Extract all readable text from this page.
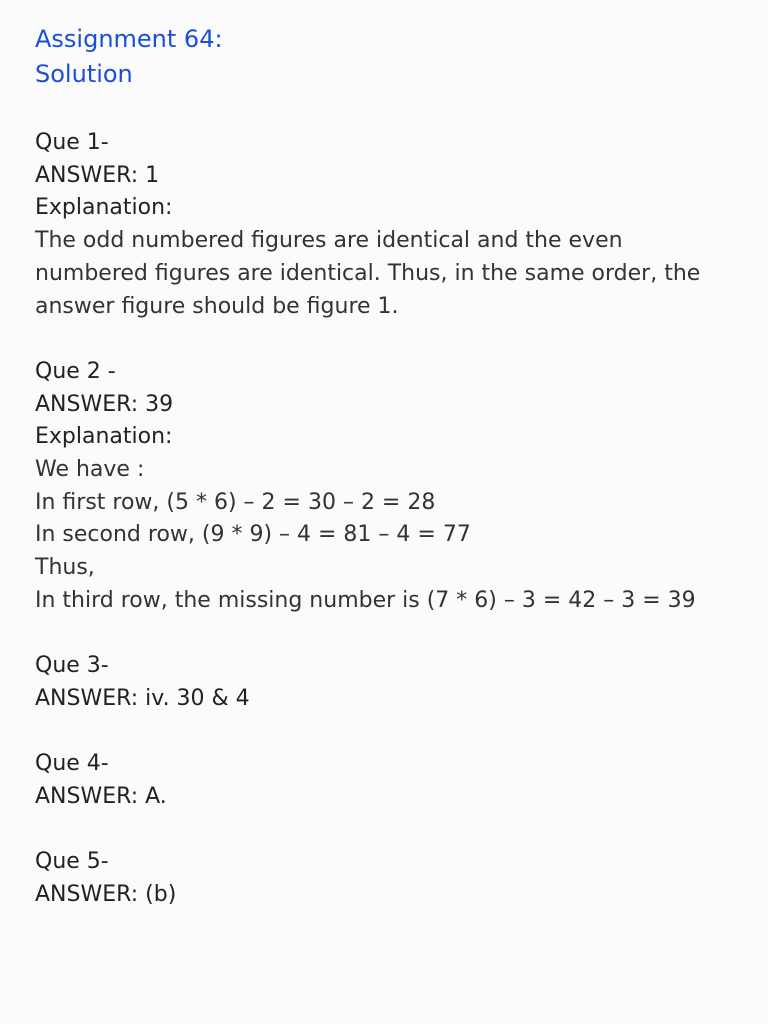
Assignment 64:
Solution
Que 1-
ANSWER: 1
Explanation:
The odd numbered figures are identical and the even numbered figures are identical. Thus, in the same order, the answer figure should be figure 1.
Que 2 -
ANSWER: 39
Explanation:
We have :
In first row, (5 * 6) – 2 = 30 – 2 = 28
In second row, (9 * 9) – 4 = 81 – 4 = 77
Thus,
In third row, the missing number is (7 * 6) – 3 = 42 – 3 = 39
Que 3-
ANSWER: iv. 30 & 4
Que 4-
ANSWER: A.
Que 5-
ANSWER: (b)
